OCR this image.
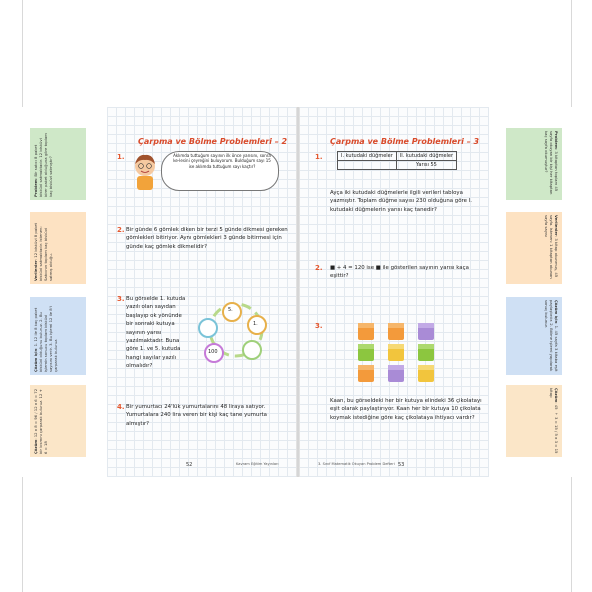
Problem: Bir satıcı 8 paket bisküvi satmaktadır. 12 bisküvi birer paket olduğuna göre toplam kaç bisküvi satmıştır?
Verilenler: 12 bisküvi 8 paket bisküvi satmaktadır. Istenen: Satıcının toplam kaç bisküvi satmış olduğu.
Çözüm için: 1. 12 ile 8 kaç paket bisküvi olduğunu buluruz. 2. Bu işlemin sonucu toplam bisküvi sayısını verir. 3. Bu işlemi 12 ile 8'i çarparak buluruz.
Çözüm: 12 x 8 = 96 / 12 x 6 = 72 bir kısmını çarparak buluruz. 12 + 6 = 18
Problem: 3 kitaptan toplam 45 sayfa okuyan bir kişi her kitaptan kaç sayfa okumuştur?
Verilenler: 3 kitap okunmuş, 45 sayfa. Istenen: 1 kitaptan okunan sayfa sayısı
Çözüm için: 1. 45 sayfa 3 kitaba eşit paylaştırılır. 2. Bölme işlemi yapılarak sonuç bulunur.
Çözüm: 45 ÷ 3 = 15 / 5 x 3 = 15 kitap
Çarpma ve Bölme Problemleri – 2
1.	Aklımda tuttuğum sayının ilk önce yarısını, sonra ke-lesini çeyreğini buluyorum. Bulduğum sayı 15 ise aklımda tuttuğum sayı kaçtır?
2. Bir günde 6 gömlek diken bir terzi 5 günde dikmesi gereken gömlekleri bitiriyor. Aynı gömlekleri 3 günde bitirmesi için günde kaç gömlek dikmelidir?
3. Bu görselde 1. kutuda yazılı olan sayıdan başlayıp ok yönünde bir sonraki kutuya sayının yarısı yazılmaktadır. Buna göre 1. ve 5. kutuda hangi sayılar yazılı olmalıdır?
5.
1.
100
4. Bir yumurtacı 24'lük yumurtalarını 48 liraya satıyor. Yumurtalara 240 lira veren bir kişi kaç tane yumurta almıştır?
52	Kavram Eğitim Yayınları
Çarpma ve Bölme Problemleri – 3
1.	I. kutudaki düğmeler	II. kutudaki düğmeler
	Yarısı 55
Ayça iki kutudaki düğmelerle ilgili verileri tabloya yazmıştır. Toplam düğme sayısı 230 olduğuna göre I. kutudaki düğmelerin yarısı kaç tanedir?
2. ■ + 4 = 120 ise ■ ile gösterilen sayının yarısı kaça eşittir?
3.
Kaan, bu görseldeki her bir kutuya elindeki 36 çikolatayı eşit olarak paylaştırıyor. Kaan her bir kutuya 10 çikolata koymak istediğine göre kaç çikolataya ihtiyacı vardır?
3. Sınıf Matematik Okuyan Problem Defteri 53
